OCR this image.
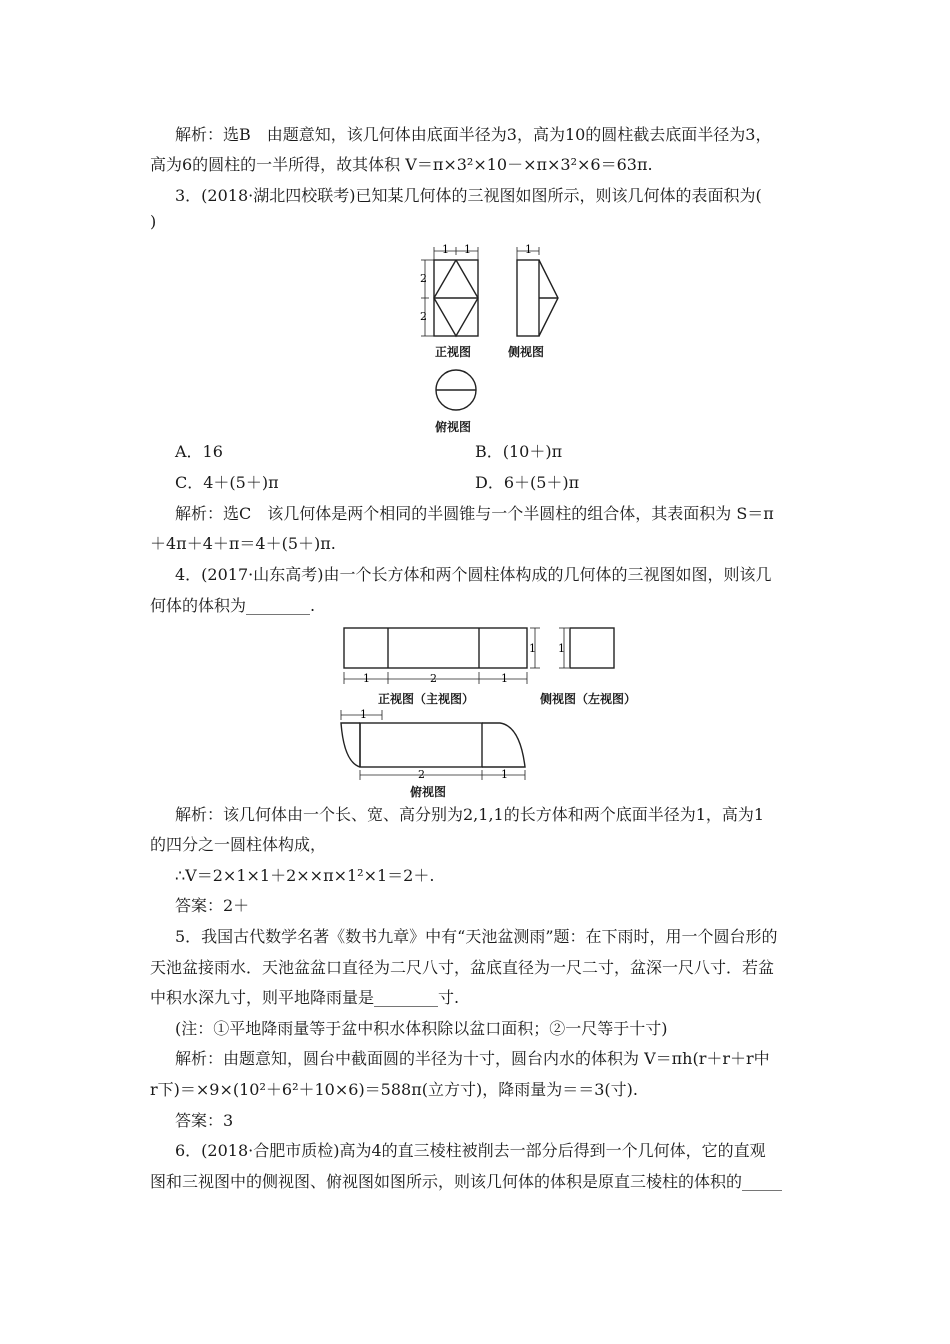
解析：选B　由题意知，该几何体由底面半径为3，高为10的圆柱截去底面半径为3，
高为6的圆柱的一半所得，故其体积 V＝π×3²×10－×π×3²×6＝63π.
3．(2018·湖北四校联考)已知某几何体的三视图如图所示，则该几何体的表面积为(
)
1 1	1
2
2
正视图	侧视图
俯视图
A．16	B．(10＋)π
C．4＋(5＋)π	D．6＋(5＋)π
解析：选C　该几何体是两个相同的半圆锥与一个半圆柱的组合体，其表面积为 S＝π
＋4π＋4＋π＝4＋(5＋)π.
4．(2017·山东高考)由一个长方体和两个圆柱体构成的几何体的三视图如图，则该几
何体的体积为________.
1	2	1
1 1
1
2	1
正视图（主视图）	侧视图（左视图）
俯视图
解析：该几何体由一个长、宽、高分别为2,1,1的长方体和两个底面半径为1，高为1
的四分之一圆柱体构成，
∴V＝2×1×1＋2××π×1²×1＝2＋.
答案：2＋
5．我国古代数学名著《数书九章》中有“天池盆测雨”题：在下雨时，用一个圆台形的
天池盆接雨水．天池盆盆口直径为二尺八寸，盆底直径为一尺二寸，盆深一尺八寸．若盆
中积水深九寸，则平地降雨量是________寸.
(注：①平地降雨量等于盆中积水体积除以盆口面积；②一尺等于十寸)
解析：由题意知，圆台中截面圆的半径为十寸，圆台内水的体积为 V＝πh(r＋r＋r中
r下)＝×9×(10²＋6²＋10×6)＝588π(立方寸)，降雨量为＝＝3(寸).
答案：3
6．(2018·合肥市质检)高为4的直三棱柱被削去一部分后得到一个几何体，它的直观
图和三视图中的侧视图、俯视图如图所示，则该几何体的体积是原直三棱柱的体积的_____
